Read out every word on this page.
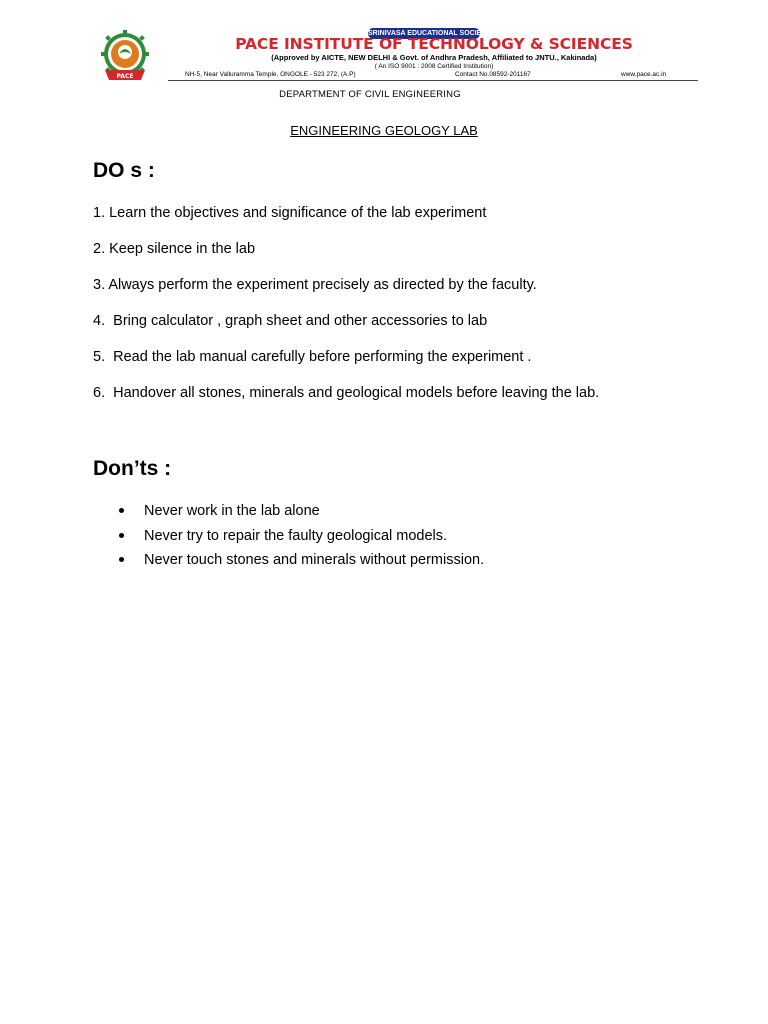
PACE
SRINIVASA EDUCATIONAL SOCIETY'S
PACE INSTITUTE OF TECHNOLOGY & SCIENCES
(Approved by AICTE, NEW DELHI & Govt. of Andhra Pradesh, Affiliated to JNTU., Kakinada)
( An ISO 9001 : 2008 Certified Institution)
NH-5, Near Valluramma Temple, ONGOLE - 523 272, (A.P)	Contact No.08592-201167	www.pace.ac.in
DEPARTMENT OF CIVIL ENGINEERING
ENGINEERING GEOLOGY LAB
DO s :
1. Learn the objectives and significance of the lab experiment
2. Keep silence in the lab
3. Always perform the experiment precisely as directed by the faculty.
4.  Bring calculator , graph sheet and other accessories to lab
5.  Read the lab manual carefully before performing the experiment .
6.  Handover all stones, minerals and geological models before leaving the lab.
Don’ts :
Never work in the lab alone
Never try to repair the faulty geological models.
Never touch stones and minerals without permission.
